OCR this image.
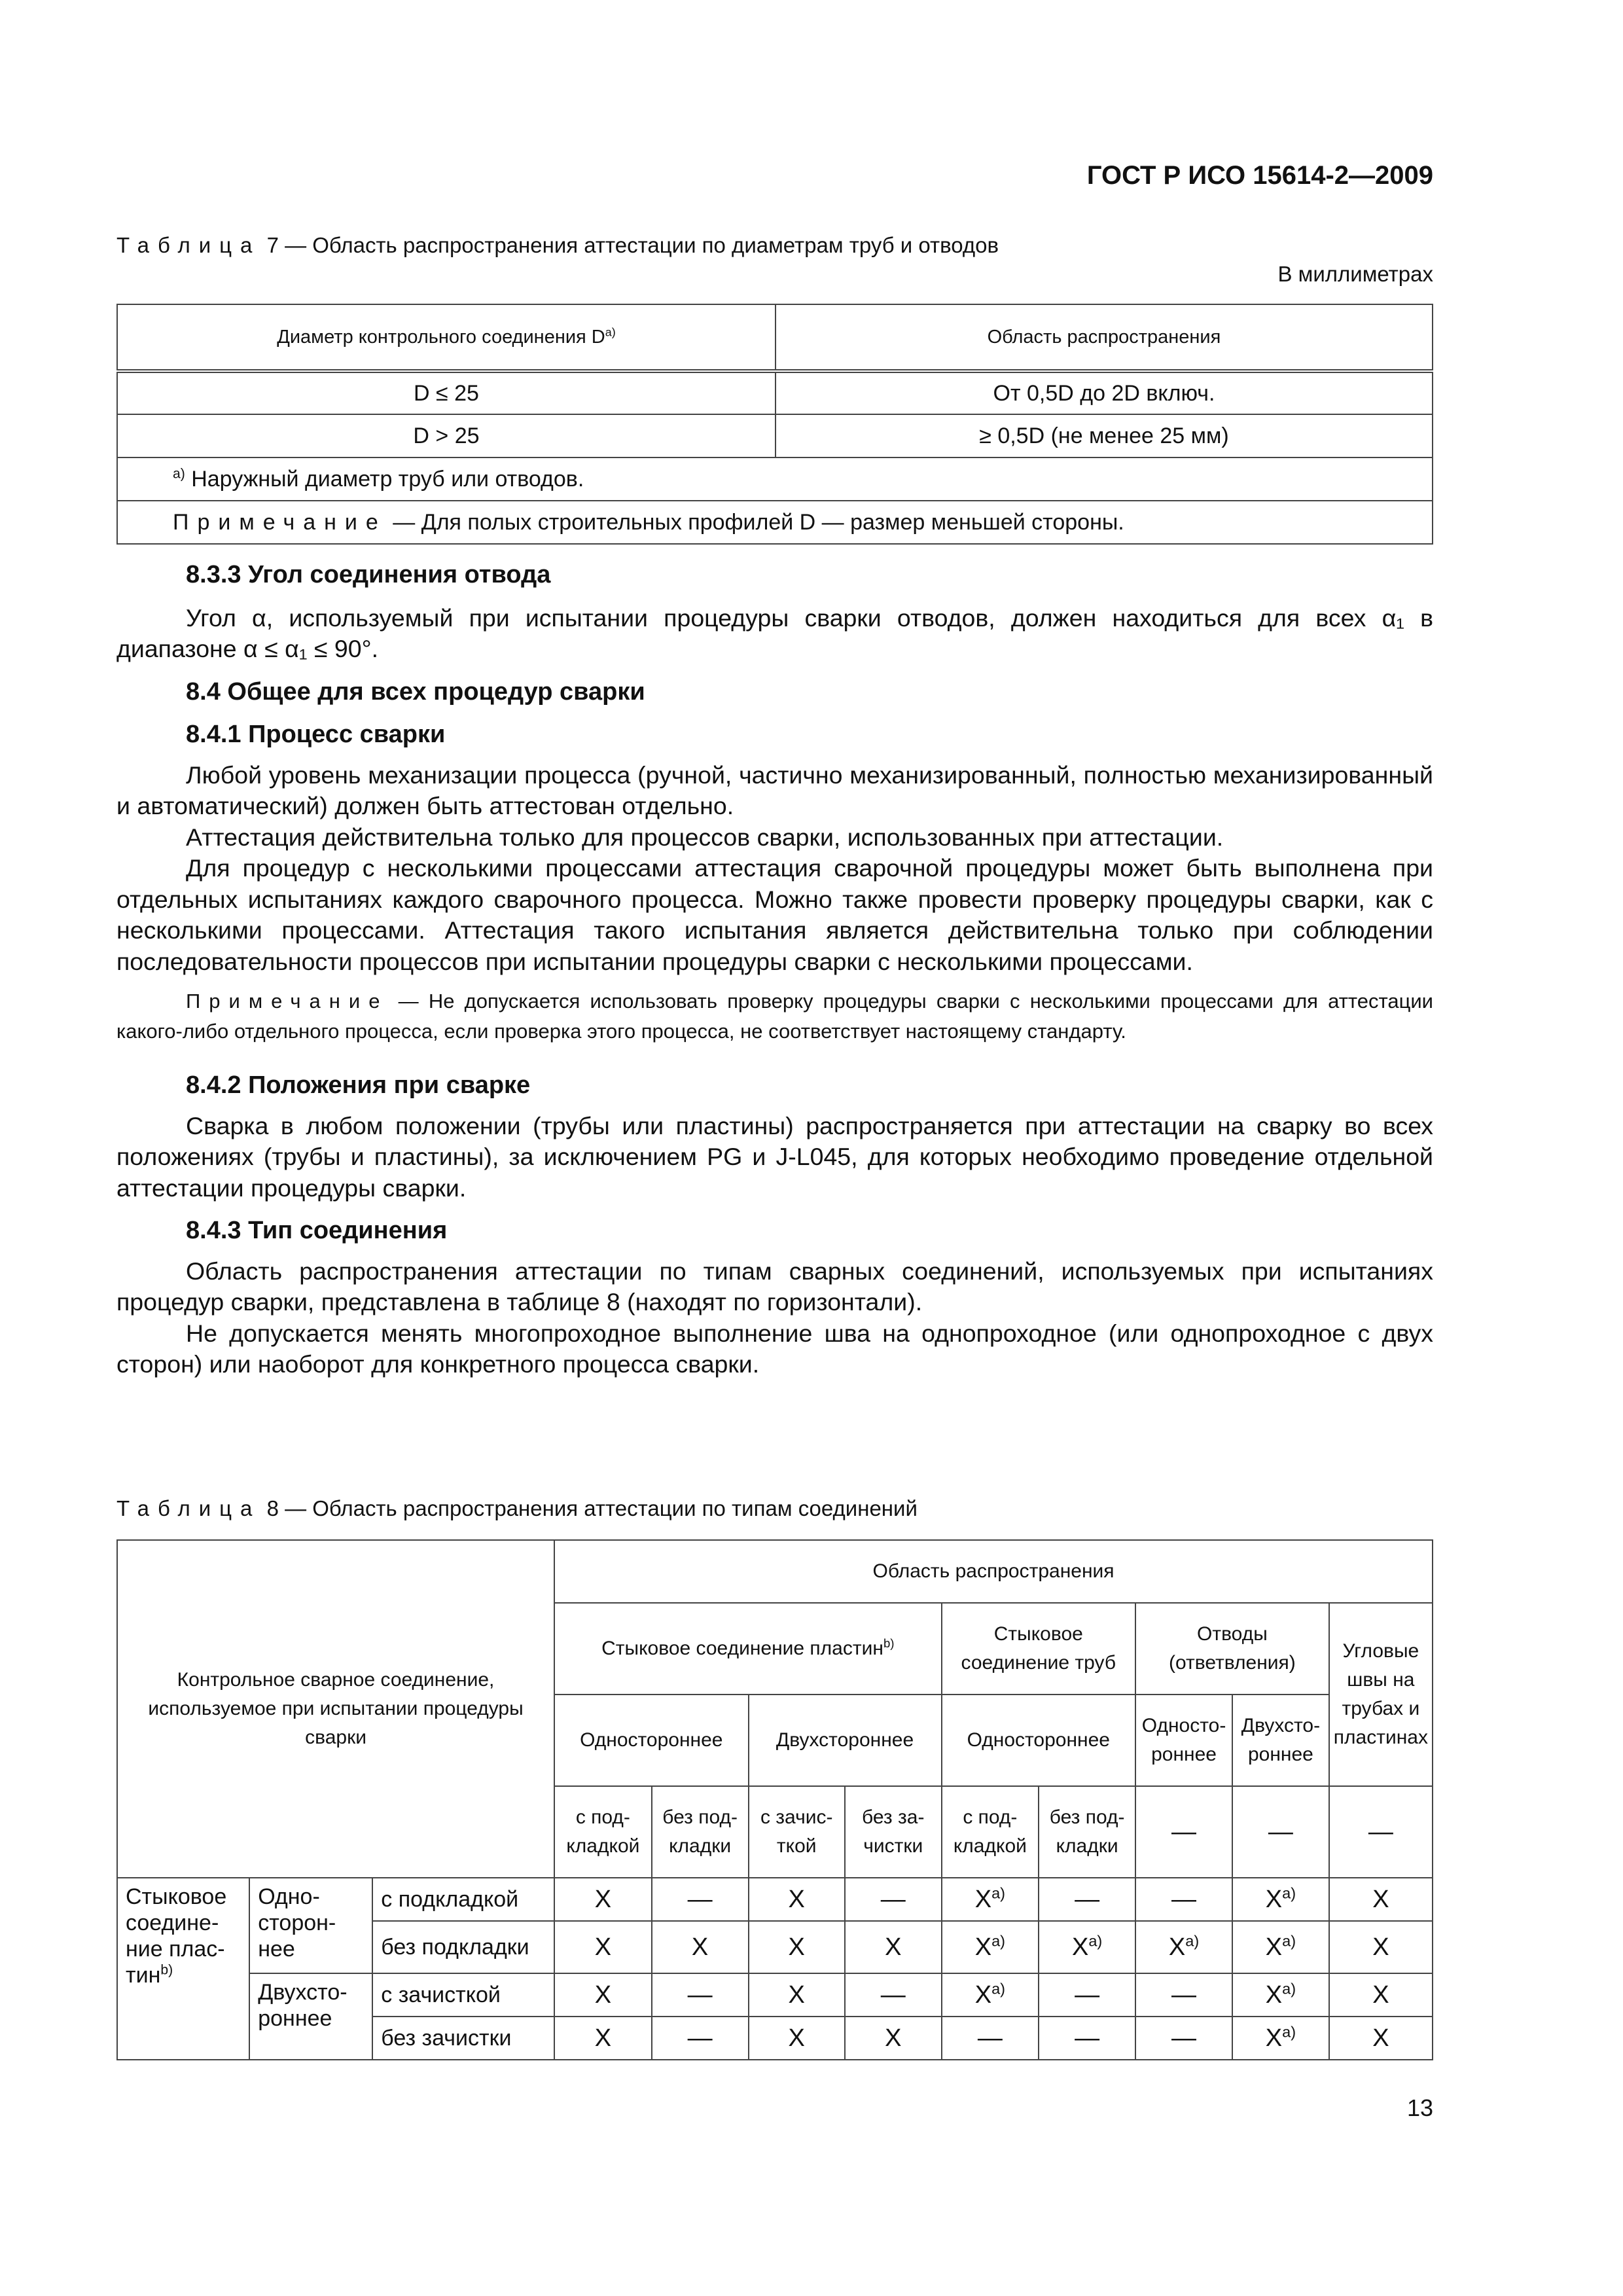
ГОСТ Р ИСО 15614-2—2009
Таблица 7 — Область распространения аттестации по диаметрам труб и отводов
В миллиметрах
Диаметр контрольного соединения $D^{a)}$	Область распространения
D ≤ 25	От 0,5D до 2D включ.
D > 25	≥ 0,5D (не менее 25 мм)
$^{a)}$ Наружный диаметр труб или отводов.	
Примечание — Для полых строительных профилей D — размер меньшей стороны.	

8.3.3 Угол соединения отвода

Угол α, используемый при испытании процедуры сварки отводов, должен находиться для всех α₁ в диапазоне α ≤ α₁ ≤ 90°.

8.4 Общее для всех процедур сварки

8.4.1 Процесс сварки

Любой уровень механизации процесса (ручной, частично механизированный, полностью механизированный и автоматический) должен быть аттестован отдельно.

Аттестация действительна только для процессов сварки, использованных при аттестации.

Для процедур с несколькими процессами аттестация сварочной процедуры может быть выполнена при отдельных испытаниях каждого сварочного процесса. Можно также провести проверку процедуры сварки, как с несколькими процессами. Аттестация такого испытания является действительна только при соблюдении последовательности процессов при испытании процедуры сварки с несколькими процессами.

Примечание — Не допускается использовать проверку процедуры сварки с несколькими процессами для аттестации какого-либо отдельного процесса, если проверка этого процесса, не соответствует настоящему стандарту.

8.4.2 Положения при сварке

Сварка в любом положении (трубы или пластины) распространяется при аттестации на сварку во всех положениях (трубы и пластины), за исключением PG и J-L045, для которых необходимо проведение отдельной аттестации процедуры сварки.

8.4.3 Тип соединения

Область распространения аттестации по типам сварных соединений, используемых при испытаниях процедур сварки, представлена в таблице 8 (находят по горизонтали).

Не допускается менять многопроходное выполнение шва на однопроходное (или однопроходное с двух сторон) или наоборот для конкретного процесса сварки.

Таблица 8 — Область распространения аттестации по типам соединений
Контрольное сварное соединение, используемое при испытании процедуры сварки			Область распространения								
			Стыковое соединение пластин$^{b)}$				Стыковое соединение труб		Отводы (ответвления)		Угловые швы на трубах и пластинах
			Одностороннее		Двухстороннее		Одностороннее		Односто-роннее	Двухсто-роннее	
			с под-кладкой	без под-кладки	с зачис-ткой	без за-чистки	с под-кладкой	без под-кладки	—	—	—
Стыковое соедине-ние плас-тин$^{b)}$	Одно-сторон-нее	с подкладкой	X	—	X	—	$X^{a)}$	—	—	$X^{a)}$	X
		без подкладки	X	X	X	X	$X^{a)}$	$X^{a)}$	$X^{a)}$	$X^{a)}$	X
	Двухсто-роннее	с зачисткой	X	—	X	—	$X^{a)}$	—	—	$X^{a)}$	X
		без зачистки	X	—	X	X	—	—	—	$X^{a)}$	X
13
